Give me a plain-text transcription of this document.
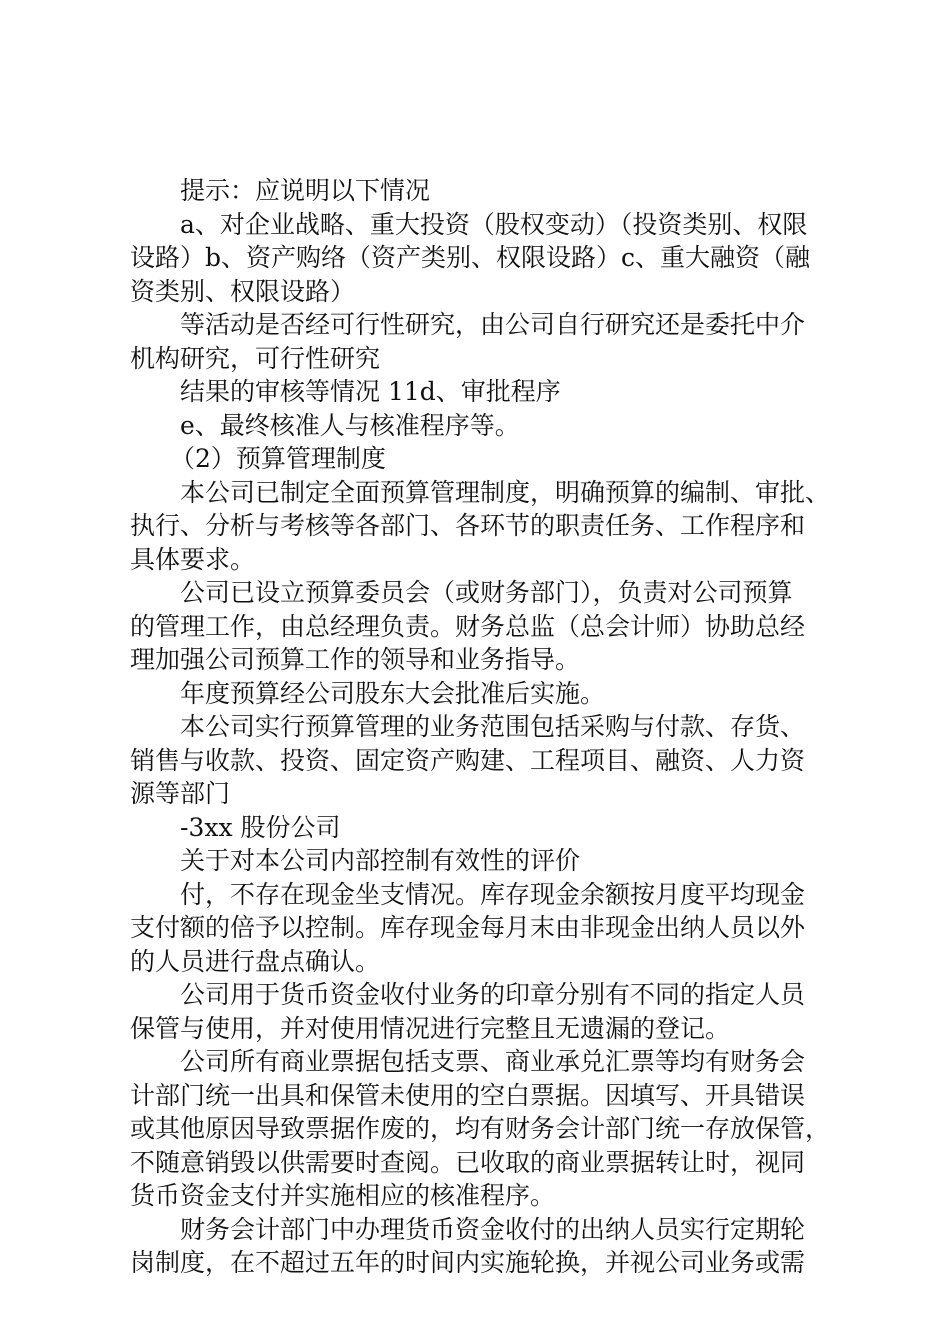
提示：应说明以下情况
a、对企业战略、重大投资（股权变动）（投资类别、权限
设路）b、资产购络（资产类别、权限设路）c、重大融资（融
资类别、权限设路）
等活动是否经可行性研究，由公司自行研究还是委托中介
机构研究，可行性研究
结果的审核等情况 11d、审批程序
e、最终核准人与核准程序等。
（2）预算管理制度
本公司已制定全面预算管理制度，明确预算的编制、审批、
执行、分析与考核等各部门、各环节的职责任务、工作程序和
具体要求。
公司已设立预算委员会（或财务部门），负责对公司预算
的管理工作，由总经理负责。财务总监（总会计师）协助总经
理加强公司预算工作的领导和业务指导。
年度预算经公司股东大会批准后实施。
本公司实行预算管理的业务范围包括采购与付款、存货、
销售与收款、投资、固定资产购建、工程项目、融资、人力资
源等部门
-3xx 股份公司
关于对本公司内部控制有效性的评价
付，不存在现金坐支情况。库存现金余额按月度平均现金
支付额的倍予以控制。库存现金每月末由非现金出纳人员以外
的人员进行盘点确认。
公司用于货币资金收付业务的印章分别有不同的指定人员
保管与使用，并对使用情况进行完整且无遗漏的登记。
公司所有商业票据包括支票、商业承兑汇票等均有财务会
计部门统一出具和保管未使用的空白票据。因填写、开具错误
或其他原因导致票据作废的，均有财务会计部门统一存放保管，
不随意销毁以供需要时查阅。已收取的商业票据转让时，视同
货币资金支付并实施相应的核准程序。
财务会计部门中办理货币资金收付的出纳人员实行定期轮
岗制度，在不超过五年的时间内实施轮换，并视公司业务或需
